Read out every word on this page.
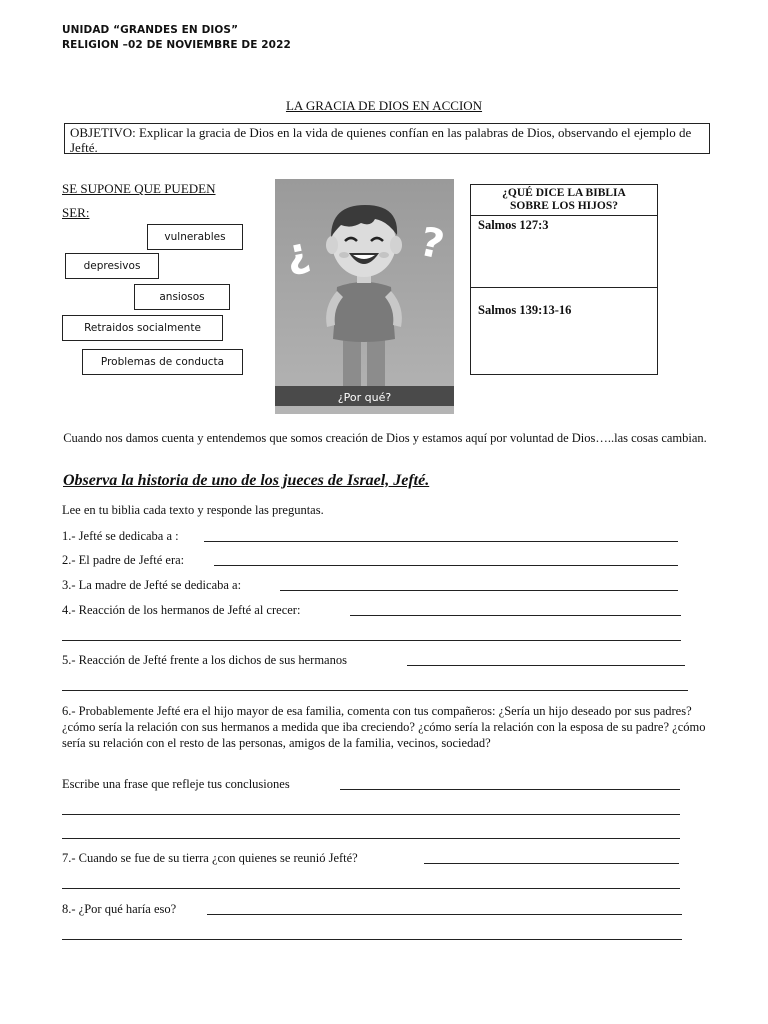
UNIDAD “GRANDES EN DIOS”
RELIGION –02 DE NOVIEMBRE DE 2022
LA GRACIA DE DIOS EN ACCION
OBJETIVO: Explicar la gracia de Dios en la vida de quienes confían en las palabras de Dios, observando el ejemplo de Jefté.
SE SUPONE QUE PUEDEN
SER:
vulnerables
depresivos
ansiosos
Retraidos socialmente
Problemas de conducta
¿	?
¿Por qué?
¿QUÉ DICE LA BIBLIA
SOBRE LOS HIJOS?
Salmos 127:3
Salmos 139:13-16
Cuando nos damos cuenta y entendemos que somos creación de Dios y estamos aquí por voluntad de Dios…..las cosas cambian.
Observa la historia de uno de los jueces de Israel, Jefté.
Lee en tu biblia cada texto y responde las preguntas.
1.- Jefté se dedicaba a :
2.- El padre de Jefté era:
3.- La madre de Jefté se dedicaba a:
4.- Reacción de los hermanos de Jefté al crecer:
5.- Reacción de Jefté frente a los dichos de sus hermanos
6.- Probablemente Jefté era el hijo mayor de esa familia, comenta con tus compañeros: ¿Sería un hijo deseado por sus padres? ¿cómo sería la relación con sus hermanos a medida que iba creciendo? ¿cómo sería la relación con la esposa de su padre? ¿cómo sería su relación con el resto de las personas, amigos de la familia, vecinos, sociedad?
Escribe una frase que refleje tus conclusiones
7.- Cuando se fue de su tierra ¿con quienes se reunió Jefté?
8.- ¿Por qué haría eso?
